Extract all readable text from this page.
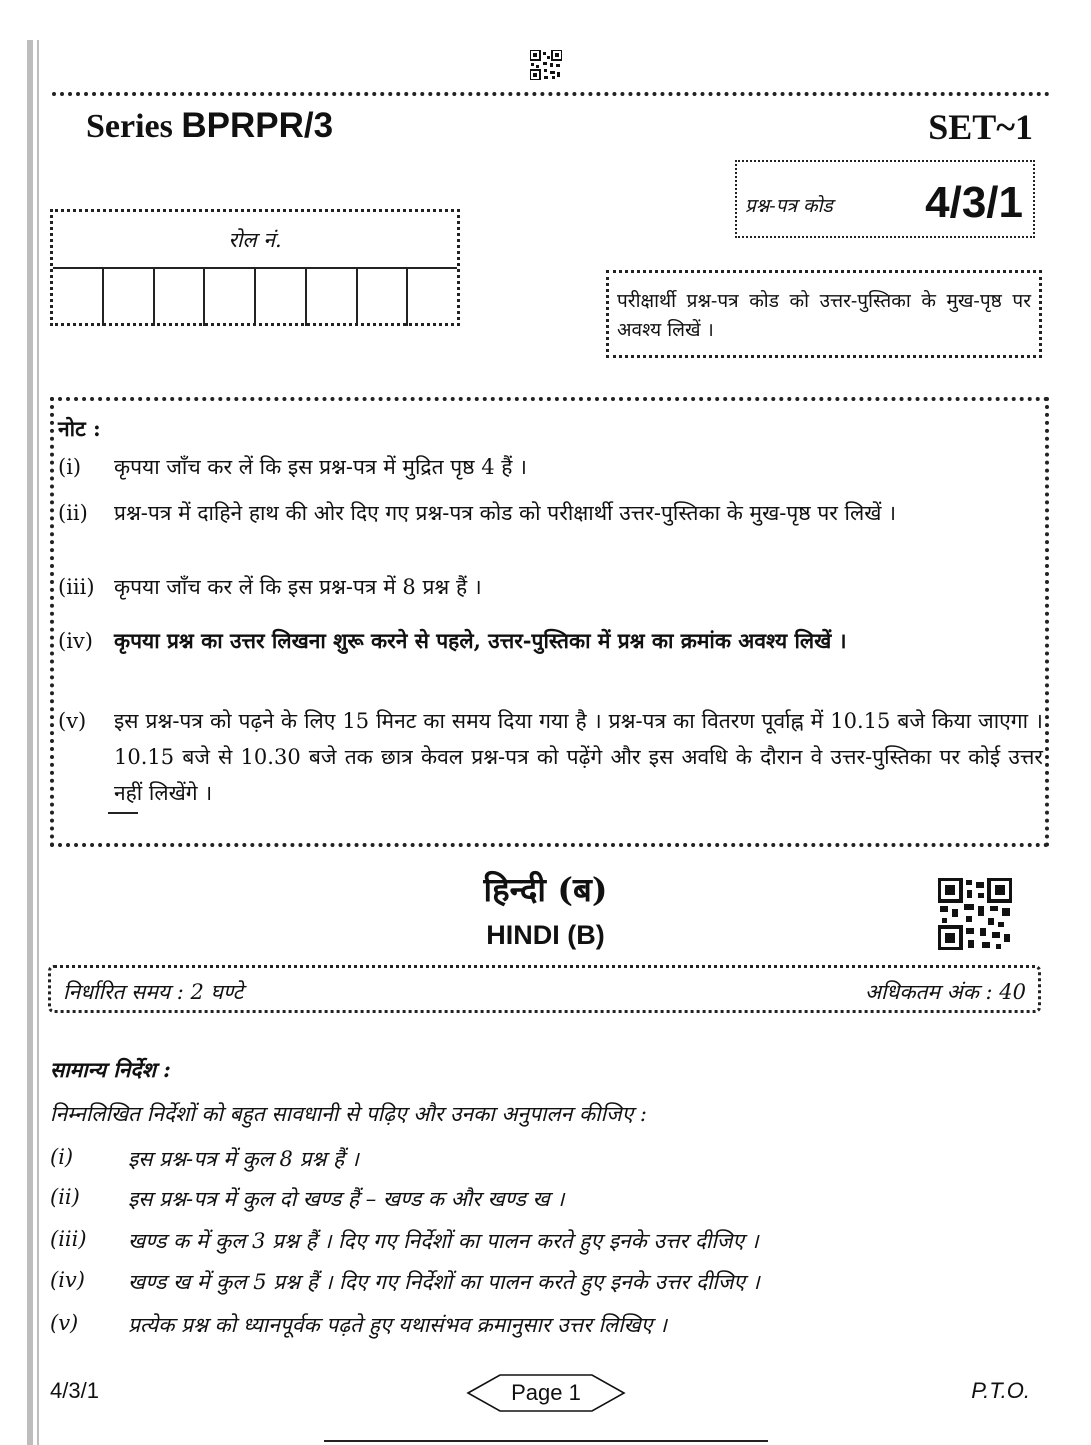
Series BPRPR/3	SET~1
प्रश्न-पत्र कोड 4/3/1
रोल नं.
परीक्षार्थी प्रश्न-पत्र कोड को उत्तर-पुस्तिका के मुख-पृष्ठ पर अवश्य लिखें ।
नोट :
(i) कृपया जाँच कर लें कि इस प्रश्न-पत्र में मुद्रित पृष्ठ 4 हैं ।
(ii) प्रश्न-पत्र में दाहिने हाथ की ओर दिए गए प्रश्न-पत्र कोड को परीक्षार्थी उत्तर-पुस्तिका के मुख-पृष्ठ पर लिखें ।
(iii) कृपया जाँच कर लें कि इस प्रश्न-पत्र में 8 प्रश्न हैं ।
(iv) कृपया प्रश्न का उत्तर लिखना शुरू करने से पहले, उत्तर-पुस्तिका में प्रश्न का क्रमांक अवश्य लिखें ।
(v) इस प्रश्न-पत्र को पढ़ने के लिए 15 मिनट का समय दिया गया है । प्रश्न-पत्र का वितरण पूर्वाह्न में 10.15 बजे किया जाएगा । 10.15 बजे से 10.30 बजे तक छात्र केवल प्रश्न-पत्र को पढ़ेंगे और इस अवधि के दौरान वे उत्तर-पुस्तिका पर कोई उत्तर नहीं लिखेंगे ।
हिन्दी (ब)
HINDI (B)
निर्धारित समय : 2 घण्टे	अधिकतम अंक : 40
सामान्य निर्देश :
निम्नलिखित निर्देशों को बहुत सावधानी से पढ़िए और उनका अनुपालन कीजिए :
(i)	इस प्रश्न-पत्र में कुल 8 प्रश्न हैं ।
(ii) इस प्रश्न-पत्र में कुल दो खण्ड हैं – खण्ड क और खण्ड ख ।
(iii) खण्ड क में कुल 3 प्रश्न हैं । दिए गए निर्देशों का पालन करते हुए इनके उत्तर दीजिए ।
(iv) खण्ड ख में कुल 5 प्रश्न हैं । दिए गए निर्देशों का पालन करते हुए इनके उत्तर दीजिए ।
(v) प्रत्येक प्रश्न को ध्यानपूर्वक पढ़ते हुए यथासंभव क्रमानुसार उत्तर लिखिए ।
4/3/1	Page 1	P.T.O.
